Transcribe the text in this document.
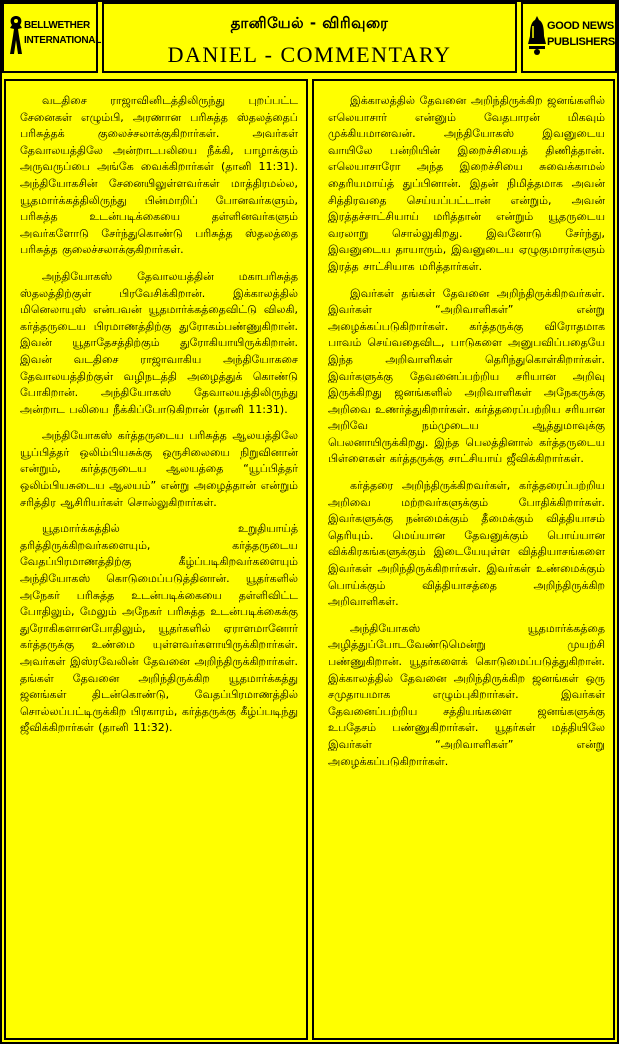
BELLWETHER
INTERNATIONAL
தானியேல் - விரிவுரை
DANIEL - COMMENTARY
GOOD NEWS
PUBLISHERS

வடதிசை ராஜாவினிடத்திலிருந்து புறப்பட்ட சேனைகள் எழும்பி, அரணான பரிசுத்த ஸ்தலத்தைப் பரிசுத்தக் குலைச்சலாக்குகிறார்கள். அவர்கள் தேவாலயத்திலே அன்றாடபலியை நீக்கி, பாழாக்கும் அருவருப்பை அங்கே வைக்கிறார்கள் (தானி 11:31). அந்தியோகசின் சேனையிலுள்ளவர்கள் மாத்திரமல்ல, யூதமார்க்கத்திலிருந்து பின்மாறிப் போனவர்களும், பரிசுத்த உடன்படிக்கையை தள்ளினவர்களும் அவர்களோடு சேர்ந்துகொண்டு பரிசுத்த ஸ்தலத்தை பரிசுத்த குலைச்சலாக்குகிறார்கள்.

அந்தியோகஸ் தேவாலயத்தின் மகாபரிசுத்த ஸ்தலத்திற்குள் பிரவேசிக்கிறான். இக்காலத்தில் மினெலாயுஸ் என்பவன் யூதமார்க்கத்தைவிட்டு விலகி, கர்த்தருடைய பிரமாணத்திற்கு துரோகம்பண்ணுகிறான். இவன் யூதாதேசத்திற்கும் துரோகியாயிருக்கிறான். இவன் வடதிசை ராஜாவாகிய அந்தியோகசை தேவாலயத்திற்குள் வழிநடத்தி அழைத்துக் கொண்டு போகிறான். அந்தியோகஸ் தேவாலயத்திலிருந்து அன்றாட பலியை நீக்கிப்போடுகிறான் (தானி 11:31).

அந்தியோகஸ் கர்த்தருடைய பரிசுத்த ஆலயத்திலே யூப்பித்தர் ஒலிம்பியசுக்கு ஒருசிலையை நிறுவினான் என்றும், கர்த்தருடைய ஆலயத்தை “யூப்பித்தர் ஒலிம்பியசுடைய ஆலயம்” என்று அழைத்தான் என்றும் சரித்திர ஆசிரியர்கள் சொல்லுகிறார்கள்.

யூதமார்க்கத்தில் உறுதியாய்த் தரித்திருக்கிறவர்களையும், கர்த்தருடைய வேதப்பிரமாணத்திற்கு கீழ்ப்படிகிறவர்களையும் அந்தியோகஸ் கொடுமைப்படுத்தினான். யூதர்களில் அநேகர் பரிசுத்த உடன்படிக்கையை தள்ளிவிட்ட போதிலும், மேலும் அநேகர் பரிசுத்த உடன்படிக்கைக்கு துரோகிகளானபோதிலும், யூதர்களில் ஏராளமானோர் கர்த்தருக்கு உண்மை யுள்ளவர்களாயிருக்கிறார்கள். அவர்கள் இஸ்ரவேலின் தேவனை அறிந்திருக்கிறார்கள். தங்கள் தேவனை அறிந்திருக்கிற யூதமார்க்கத்து ஜனங்கள் திடன்கொண்டு, வேதப்பிரமாணத்தில் சொல்லப்பட்டிருக்கிற பிரகாரம், கர்த்தருக்கு கீழ்ப்படிந்து ஜீவிக்கிறார்கள் (தானி 11:32).

இக்காலத்தில் தேவனை அறிந்திருக்கிற ஜனங்களில் எலெயாசார் என்னும் வேதபாரன் மிகவும் முக்கியமானவன். அந்தியோகஸ் இவனுடைய வாயிலே பன்றியின் இறைச்சியைத் திணித்தான். எலெயாசாரோ அந்த இறைச்சியை சுவைக்காமல் தைரியமாய்த் துப்பினான். இதன் நிமித்தமாக அவன் சித்திரவதை செய்யப்பட்டான் என்றும், அவன் இரத்தச்சாட்சியாய் மரித்தான் என்றும் யூதருடைய வரலாறு சொல்லுகிறது. இவனோடு சேர்ந்து, இவனுடைய தாயாரும், இவனுடைய ஏழுகுமாரர்களும் இரத்த சாட்சியாக மரித்தார்கள்.

இவர்கள் தங்கள் தேவனை அறிந்திருக்கிறவர்கள். இவர்கள் “அறிவாளிகள்” என்று அழைக்கப்படுகிறார்கள். கர்த்தருக்கு விரோதமாக பாவம் செய்வதைவிட, பாடுகளை அனுபவிப்பதையே இந்த அறிவாளிகள் தெரிந்துகொள்கிறார்கள். இவர்களுக்கு தேவனைப்பற்றிய சரியான அறிவு இருக்கிறது ஜனங்களில் அறிவாளிகள் அநேகருக்கு அறிவை உணர்த்துகிறார்கள். கர்த்தரைப்பற்றிய சரியான அறிவே நம்முடைய ஆத்துமாவுக்கு பெலனாயிருக்கிறது. இந்த பெலத்தினால் கர்த்தருடைய பிள்ளைகள் கர்த்தருக்கு சாட்சியாய் ஜீவிக்கிறார்கள்.

கர்த்தரை அறிந்திருக்கிறவர்கள், கர்த்தரைப்பற்றிய அறிவை மற்றவர்களுக்கும் போதிக்கிறார்கள். இவர்களுக்கு நன்மைக்கும் தீமைக்கும் வித்தியாசம் தெரியும். மெய்யான தேவனுக்கும் பொய்யான விக்கிரகங்களுக்கும் இடையேயுள்ள வித்தியாசங்களை இவர்கள் அறிந்திருக்கிறார்கள். இவர்கள் உண்மைக்கும் பொய்க்கும் வித்தியாசத்தை அறிந்திருக்கிற அறிவாளிகள்.

அந்தியோகஸ் யூதமார்க்கத்தை அழித்துப்போடவேண்டுமென்று முயற்சி பண்ணுகிறான். யூதர்களைக் கொடுமைப்படுத்துகிறான். இக்காலத்தில் தேவனை அறிந்திருக்கிற ஜனங்கள் ஒரு சமுதாயமாக எழும்புகிறார்கள். இவர்கள் தேவனைப்பற்றிய சத்தியங்களை ஜனங்களுக்கு உபதேசம் பண்ணுகிறார்கள். யூதர்கள் மத்தியிலே இவர்கள் “அறிவாளிகள்” என்று அழைக்கப்படுகிறார்கள்.
